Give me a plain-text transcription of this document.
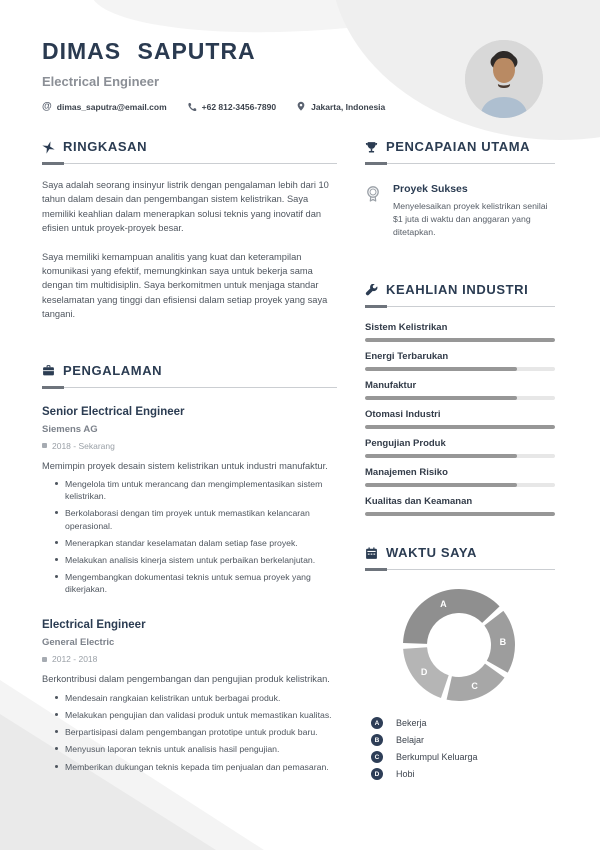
DIMAS SAPUTRA
Electrical Engineer
@ dimas_saputra@email.com	+62 812-3456-7890	Jakarta, Indonesia
RINGKASAN

Saya adalah seorang insinyur listrik dengan pengalaman lebih dari 10 tahun dalam desain dan pengembangan sistem kelistrikan. Saya memiliki keahlian dalam menerapkan solusi teknis yang inovatif dan efisien untuk proyek-proyek besar.

Saya memiliki kemampuan analitis yang kuat dan keterampilan komunikasi yang efektif, memungkinkan saya untuk bekerja sama dengan tim multidisiplin. Saya berkomitmen untuk menjaga standar keselamatan yang tinggi dan efisiensi dalam setiap proyek yang saya tangani.

PENGALAMAN
Senior Electrical Engineer
Siemens AG
2018 - Sekarang
Memimpin proyek desain sistem kelistrikan untuk industri manufaktur.
Mengelola tim untuk merancang dan mengimplementasikan sistem kelistrikan.
Berkolaborasi dengan tim proyek untuk memastikan kelancaran operasional.
Menerapkan standar keselamatan dalam setiap fase proyek.
Melakukan analisis kinerja sistem untuk perbaikan berkelanjutan.
Mengembangkan dokumentasi teknis untuk semua proyek yang dikerjakan.
Electrical Engineer
General Electric
2012 - 2018
Berkontribusi dalam pengembangan dan pengujian produk kelistrikan.
Mendesain rangkaian kelistrikan untuk berbagai produk.
Melakukan pengujian dan validasi produk untuk memastikan kualitas.
Berpartisipasi dalam pengembangan prototipe untuk produk baru.
Menyusun laporan teknis untuk analisis hasil pengujian.
Memberikan dukungan teknis kepada tim penjualan dan pemasaran.
PENCAPAIAN UTAMA
Proyek Sukses
Menyelesaikan proyek kelistrikan senilai $1 juta di waktu dan anggaran yang ditetapkan.
KEAHLIAN INDUSTRI
Sistem Kelistrikan
Energi Terbarukan
Manufaktur
Otomasi Industri
Pengujian Produk
Manajemen Risiko
Kualitas dan Keamanan
WAKTU SAYA
A
B
C
D
A	Bekerja
B	Belajar
C	Berkumpul Keluarga
D	Hobi
